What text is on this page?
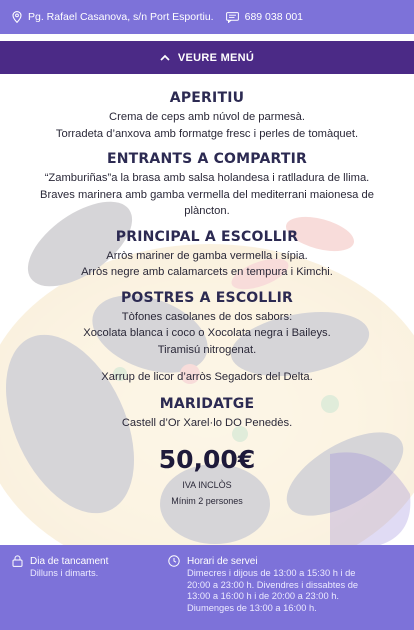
Pg. Rafael Casanova, s/n Port Esportiu.	689 038 001
VEURE MENÚ
APERITIU
Crema de ceps amb núvol de parmesà.
Torradeta d’anxova amb formatge fresc i perles de tomàquet.
ENTRANTS A COMPARTIR
“Zamburiñas”a la brasa amb salsa holandesa i ratlladura de llima.
Braves marinera amb gamba vermella del mediterrani maionesa de
plàncton.
PRINCIPAL A ESCOLLIR
Arròs mariner de gamba vermella i sípia.
Arròs negre amb calamarcets en tempura i Kimchi.
POSTRES A ESCOLLIR
Tòfones casolanes de dos sabors:
Xocolata blanca i coco o Xocolata negra i Baileys.
Tiramisú nitrogenat.
Xarrup de licor d’arròs Segadors del Delta.
MARIDATGE
Castell d’Or Xarel·lo DO Penedès.
50,00€
IVA INCLÒS
Mínim 2 persones
Dia de tancament
Dilluns i dimarts.
Horari de servei
Dimecres i dijous de 13:00 a 15:30 h i de
20:00 a 23:00 h. Divendres i dissabtes de
13:00 a 16:00 h i de 20:00 a 23:00 h.
Diumenges de 13:00 a 16:00 h.
